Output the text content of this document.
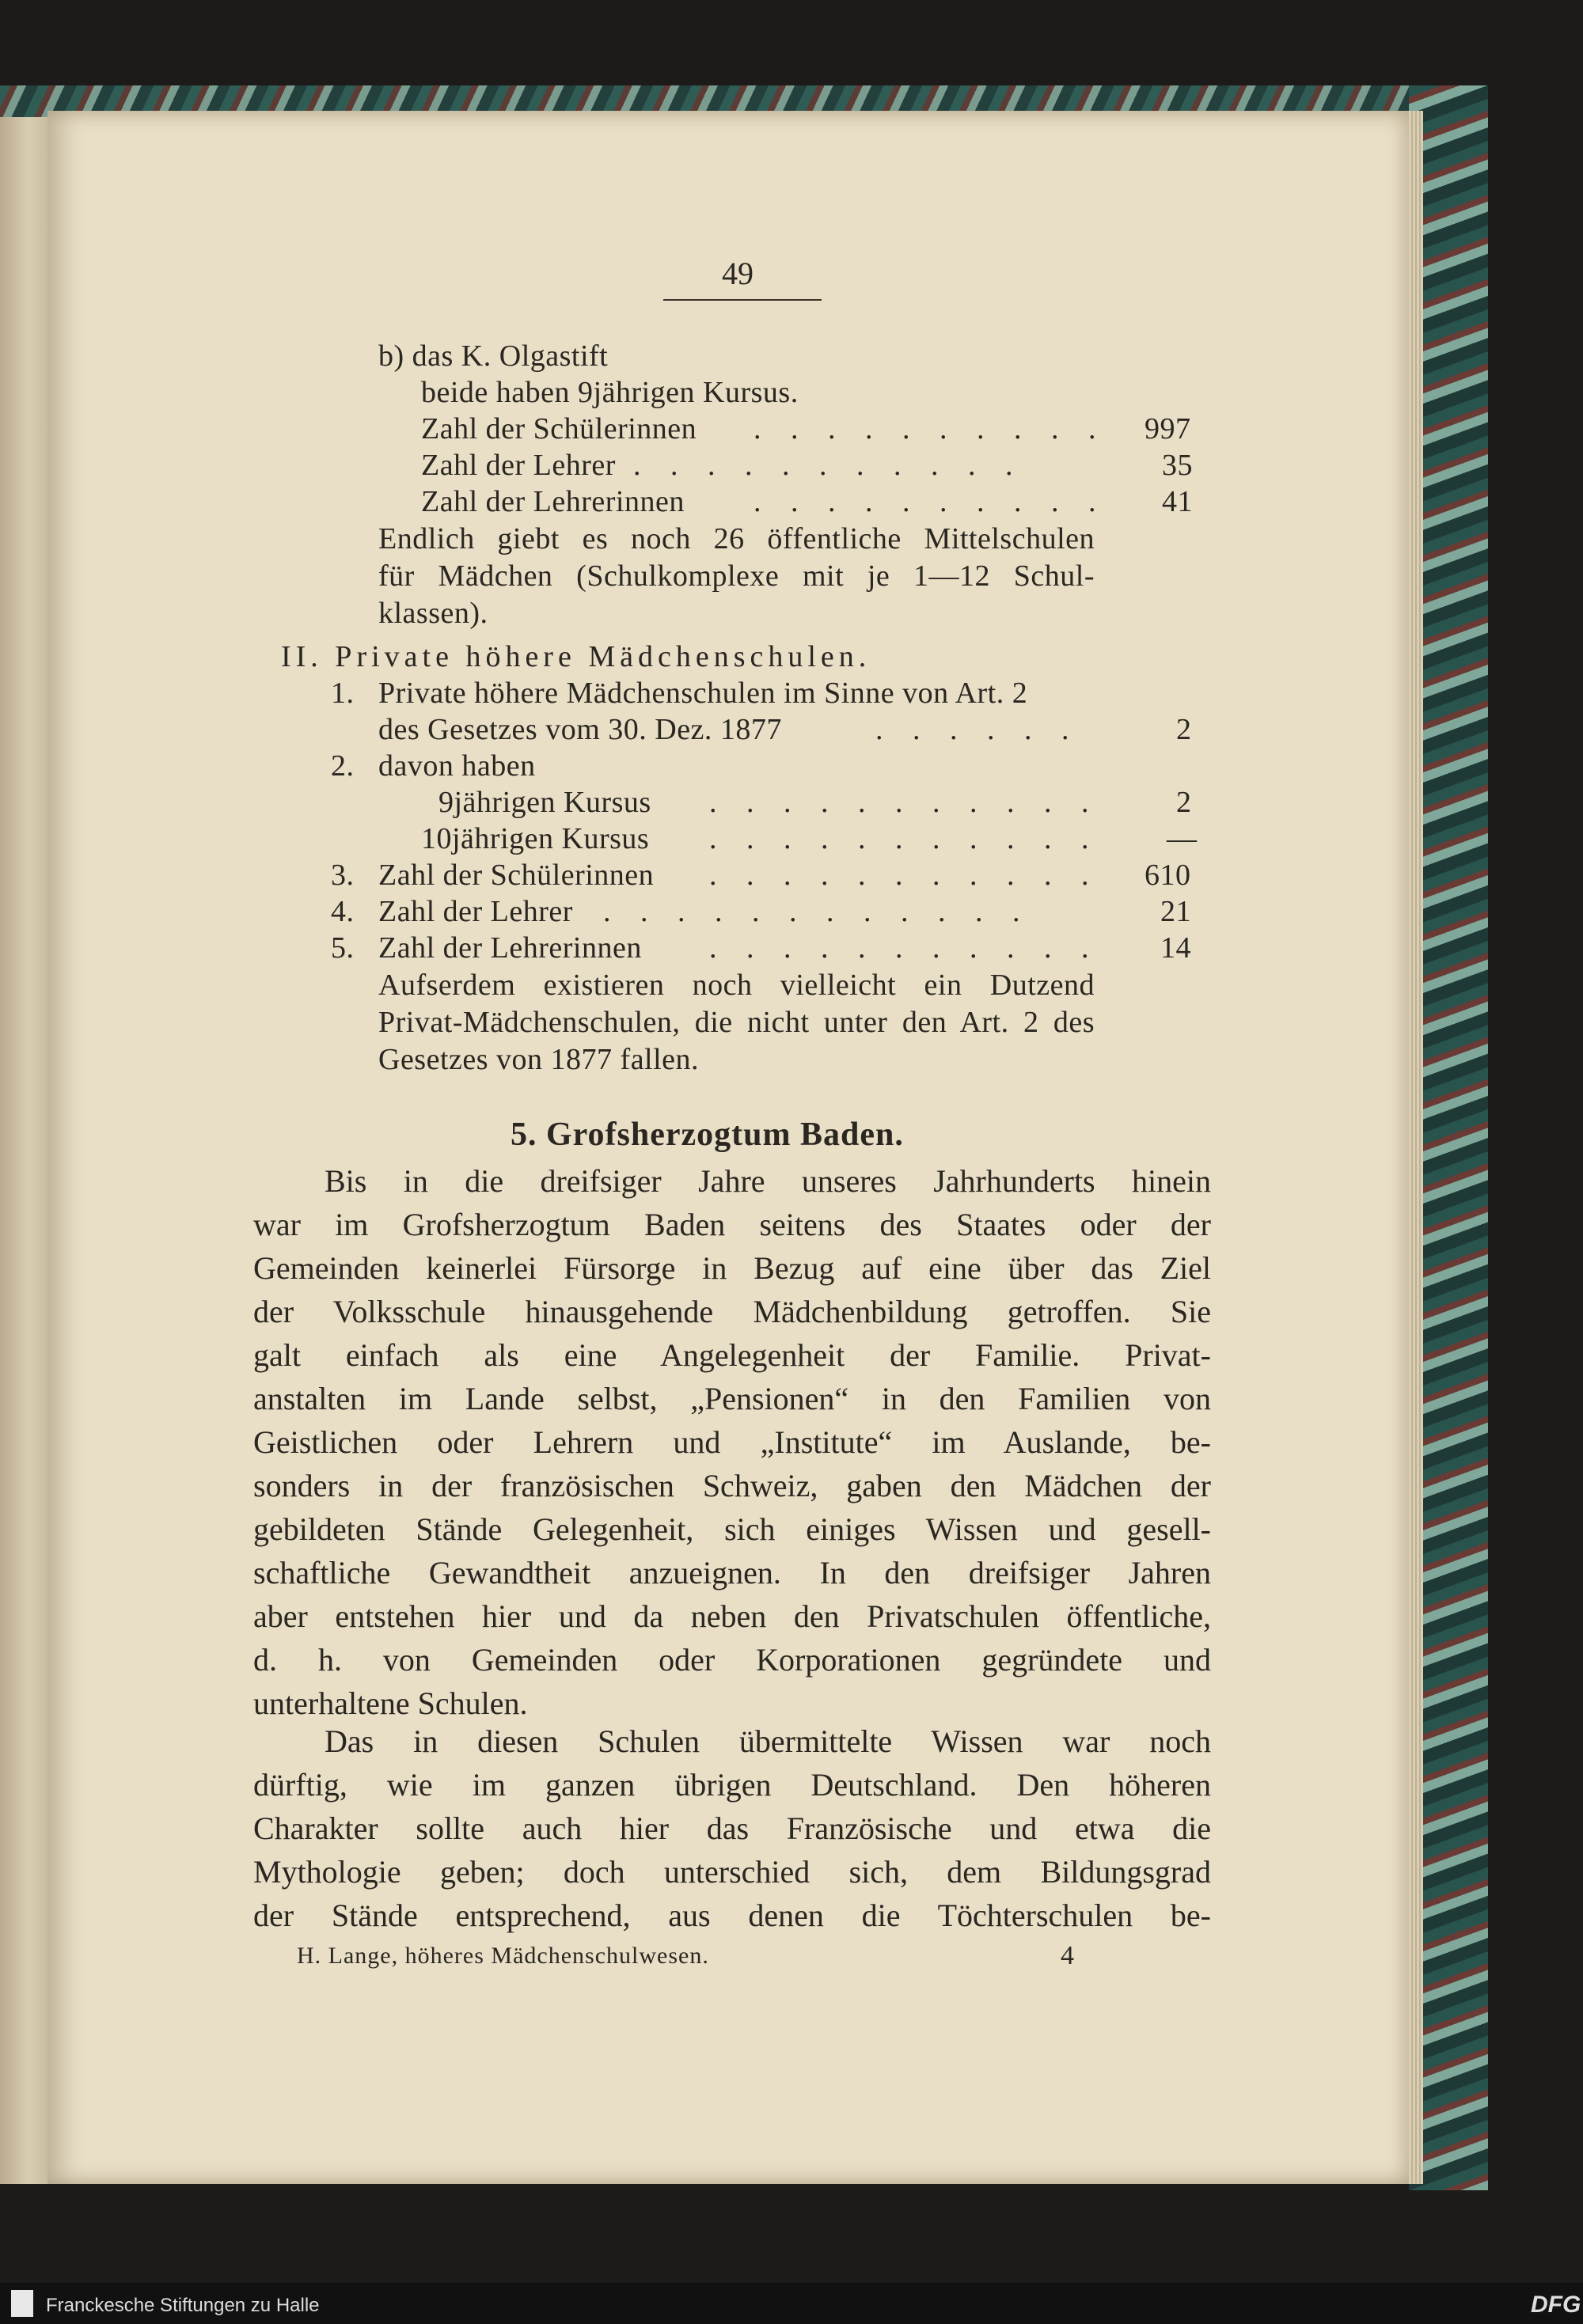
49
b) das K. Olgastift
beide haben 9jährigen Kursus.
Zahl der Schülerinnen . . . . . . . . . . 997
Zahl der Lehrer . . . . . . . . . . .	35
Zahl der Lehrerinnen . . . . . . . . . . 41
Endlich giebt es noch 26 öffentliche Mittelschulen
für Mädchen (Schulkomplexe mit je 1—12 Schul-
klassen).
II. Private höhere Mädchenschulen.
1. Private höhere Mädchenschulen im Sinne von Art. 2
des Gesetzes vom 30. Dez. 1877	. . . . . .	2
2. davon haben
9jährigen Kursus . . . . . . . . . . .	2
10jährigen Kursus . . . . . . . . . . . —
3. Zahl der Schülerinnen . . . . . . . . . . . 610
4. Zahl der Lehrer . . . . . . . . . . . .	21
5. Zahl der Lehrerinnen . . . . . . . . . . . 14
Aufserdem existieren noch vielleicht ein Dutzend
Privat-Mädchenschulen, die nicht unter den Art. 2 des
Gesetzes von 1877 fallen.
5. Grofsherzogtum Baden.
Bis in die dreifsiger Jahre unseres Jahrhunderts hinein
war im Grofsherzogtum Baden seitens des Staates oder der
Gemeinden keinerlei Fürsorge in Bezug auf eine über das Ziel
der Volksschule hinausgehende Mädchenbildung getroffen. Sie
galt einfach als eine Angelegenheit der Familie. Privat-
anstalten im Lande selbst, „Pensionen“ in den Familien von
Geistlichen oder Lehrern und „Institute“ im Auslande, be-
sonders in der französischen Schweiz, gaben den Mädchen der
gebildeten Stände Gelegenheit, sich einiges Wissen und gesell-
schaftliche Gewandtheit anzueignen. In den dreifsiger Jahren
aber entstehen hier und da neben den Privatschulen öffentliche,
d. h. von Gemeinden oder Korporationen gegründete und
unterhaltene Schulen.
Das in diesen Schulen übermittelte Wissen war noch
dürftig, wie im ganzen übrigen Deutschland. Den höheren
Charakter sollte auch hier das Französische und etwa die
Mythologie geben; doch unterschied sich, dem Bildungsgrad
der Stände entsprechend, aus denen die Töchterschulen be-
H. Lange, höheres Mädchenschulwesen.	4
Franckesche Stiftungen zu Halle	DFG
